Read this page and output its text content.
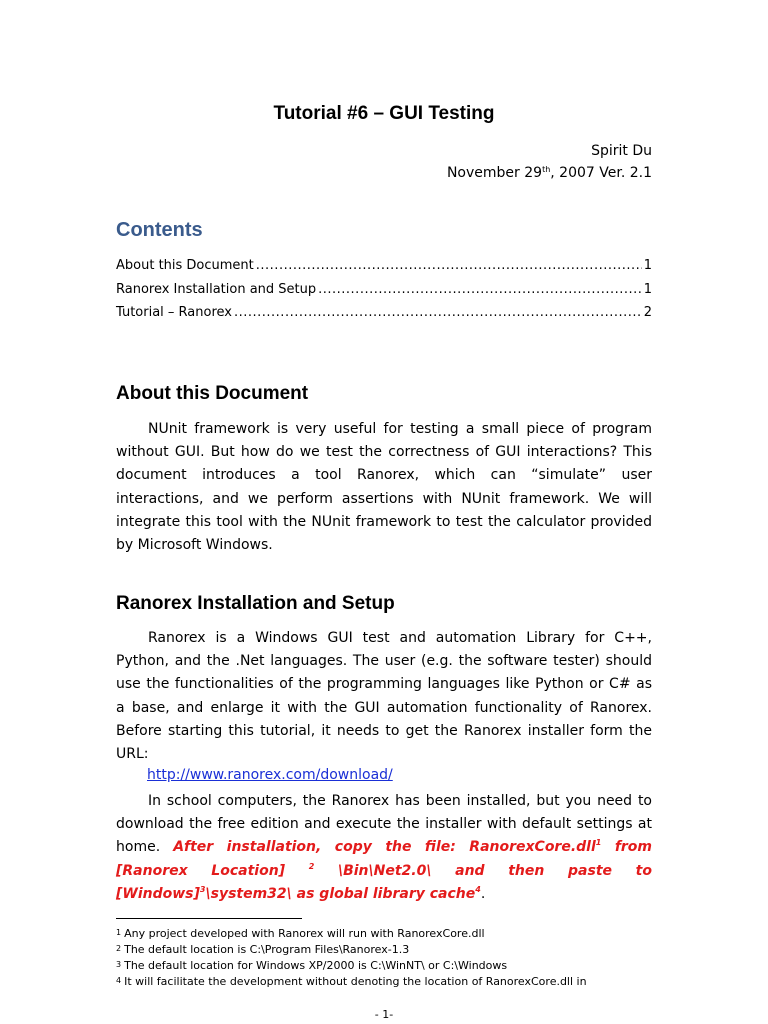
Tutorial #6 – GUI Testing
Spirit Du
November 29th, 2007 Ver. 2.1
Contents
About this Document .....	1
Ranorex Installation and Setup .....	1
Tutorial – Ranorex .....	2
About this Document
NUnit framework is very useful for testing a small piece of program without GUI. But how do we test the correctness of GUI interactions? This document introduces a tool Ranorex, which can “simulate” user interactions, and we perform assertions with NUnit framework. We will integrate this tool with the NUnit framework to test the calculator provided by Microsoft Windows.
Ranorex Installation and Setup
Ranorex is a Windows GUI test and automation Library for C++, Python, and the .Net languages. The user (e.g. the software tester) should use the functionalities of the programming languages like Python or C# as a base, and enlarge it with the GUI automation functionality of Ranorex. Before starting this tutorial, it needs to get the Ranorex installer form the URL:
http://www.ranorex.com/download/
In school computers, the Ranorex has been installed, but you need to download the free edition and execute the installer with default settings at home. After installation, copy the file: RanorexCore.dll$^1$ from [Ranorex Location] $^2$ \Bin\Net2.0\ and then paste to [Windows]$^3$\system32\ as global library cache$^4$.
$^1$ Any project developed with Ranorex will run with RanorexCore.dll
$^2$ The default location is C:\Program Files\Ranorex-1.3
$^3$ The default location for Windows XP/2000 is C:\WinNT\ or C:\Windows
$^4$ It will facilitate the development without denoting the location of RanorexCore.dll in
- 1-
